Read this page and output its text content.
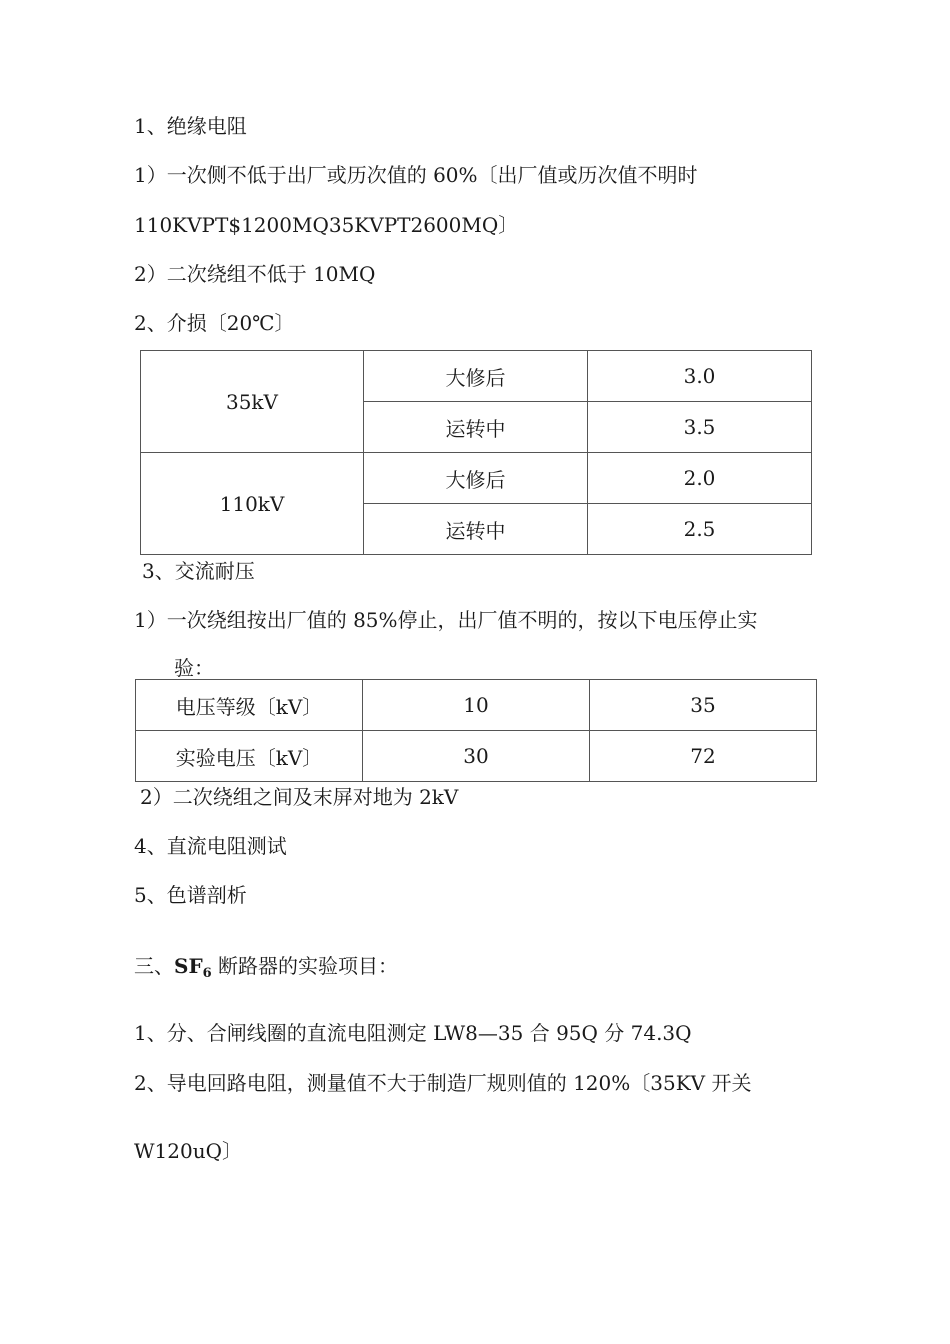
1、绝缘电阻
1）一次侧不低于出厂或历次值的 60%〔出厂值或历次值不明时
110KVPT$1200MQ35KVPT2600MQ〕
2）二次绕组不低于 10MQ
2、介损〔20℃〕
35kV	大修后	3.0
	运转中	3.5
110kV	大修后	2.0
	运转中	2.5
3、交流耐压
1）一次绕组按出厂值的 85%停止，出厂值不明的，按以下电压停止实
验：
电压等级〔kV〕	10	35
实验电压〔kV〕	30	72
2）二次绕组之间及末屏对地为 2kV
4、直流电阻测试
5、色谱剖析
三、$SF_6$ 断路器的实验项目：
1、分、合闸线圈的直流电阻测定 LW8—35 合 95Q 分 74.3Q
2、导电回路电阻，测量值不大于制造厂规则值的 120%〔35KV 开关
W120uQ〕
